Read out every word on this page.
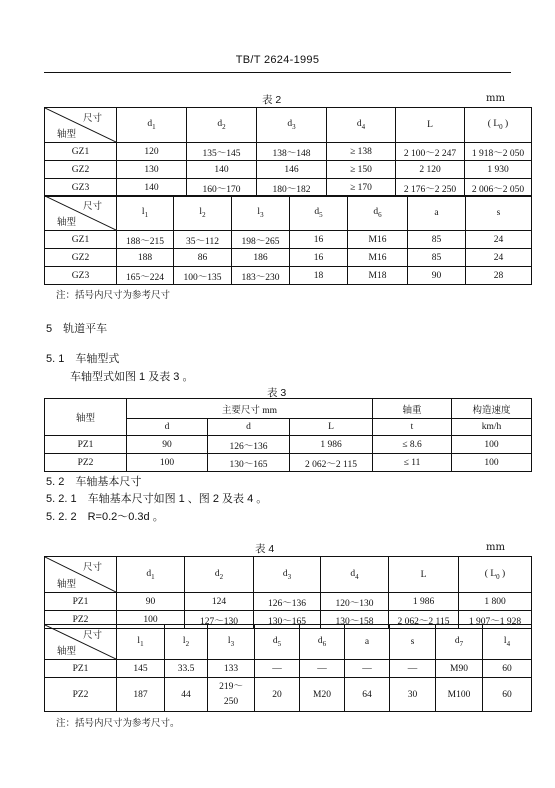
TB/T 2624-1995
表 2	mm
尺寸
轴型	$d_1$	$d_2$	$d_3$	$d_4$	L	( $L_0$ )
GZ1	120	135～145	138～148	≥ 138	2 100～2 247	1 918～2 050
GZ2	130	140	146	≥ 150	2 120	1 930
GZ3	140	160～170	180～182	≥ 170	2 176～2 250	2 006～2 050
尺寸
轴型	$l_1$	$l_2$	$l_3$	$d_5$	$d_6$	a	s
GZ1	188～215	35～112	198～265	16	M16	85	24
GZ2	188	86	186	16	M16	85	24
GZ3	165～224	100～135	183～230	18	M18	90	28
注：括号内尺寸为参考尺寸
5　轨道平车
5. 1　车轴型式
车轴型式如图 1 及表 3 。
表 3
轴型	主要尺寸 mm			轴重	构造速度
	d	d	L	t	km/h
PZ1	90	126～136	1 986	≤ 8.6	100
PZ2	100	130～165	2 062～2 115	≤ 11	100
5. 2　车轴基本尺寸
5. 2. 1　车轴基本尺寸如图 1 、图 2 及表 4 。
5. 2. 2　R=0.2～0.3d 。
表 4	mm
尺寸
轴型	$d_1$	$d_2$	$d_3$	$d_4$	L	( $L_0$ )
PZ1	90	124	126～136	120～130	1 986	1 800
PZ2	100	127～130	130～165	130～158	2 062～2 115	1 907～1 928
尺寸
轴型	$l_1$	$l_2$	$l_3$	$d_5$	$d_6$	a	s	$d_7$	$l_4$
PZ1	145	33.5	133	—	—	—	—	M90	60
PZ2	187	44	219～
250	20	M20	64	30	M100	60
注：括号内尺寸为参考尺寸。
